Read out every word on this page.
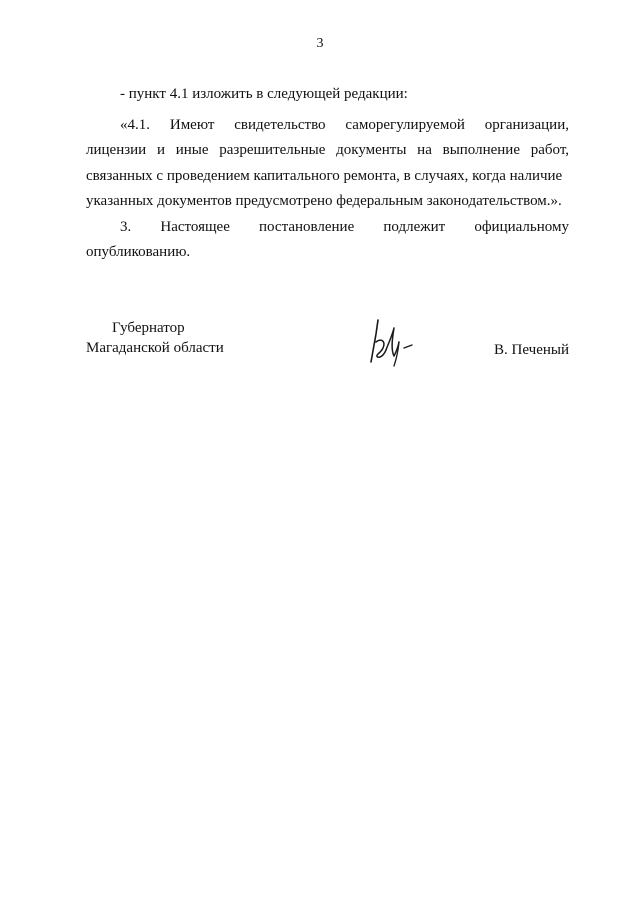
3
- пункт 4.1 изложить в следующей редакции:
«4.1. Имеют свидетельство саморегулируемой организации,
лицензии и иные разрешительные документы на выполнение работ,
связанных с проведением капитального ремонта, в случаях, когда наличие
указанных документов предусмотрено федеральным законодательством.».
3. Настоящее постановление подлежит официальному
опубликованию.
Губернатор
Магаданской области	В. Печеный
